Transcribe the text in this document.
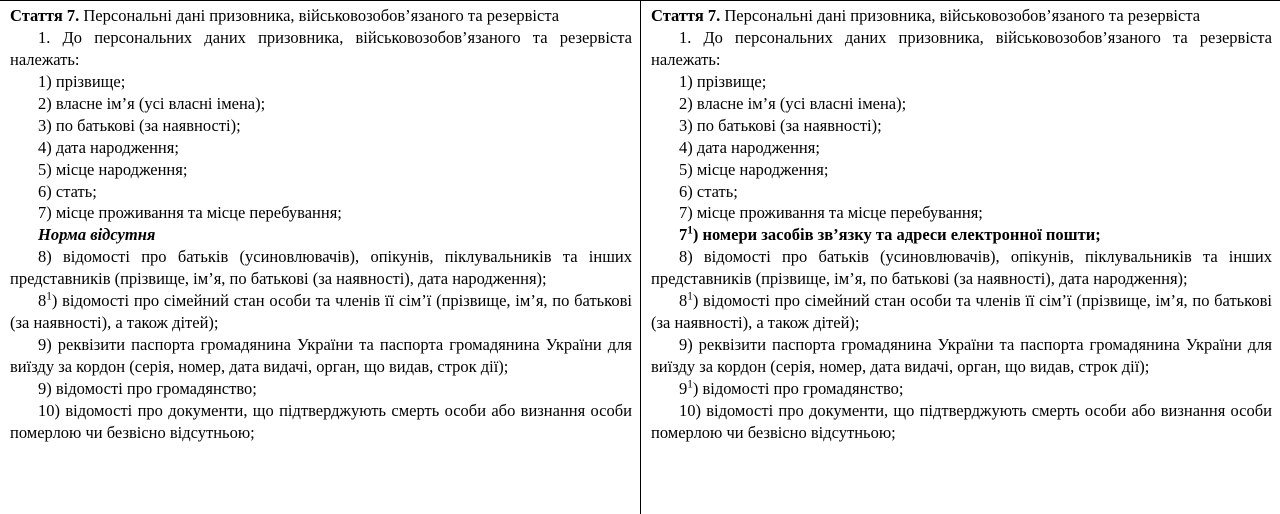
Стаття 7. Персональні дані призовника, військовозобов’язаного та резервіста

1. До персональних даних призовника, військовозобов’язаного та резервіста належать:

1) прізвище;

2) власне ім’я (усі власні імена);

3) по батькові (за наявності);

4) дата народження;

5) місце народження;

6) стать;

7) місце проживання та місце перебування;

Норма відсутня

8) відомості про батьків (усиновлювачів), опікунів, піклувальників та інших представників (прізвище, ім’я, по батькові (за наявності), дата народження);

$8^1$) відомості про сімейний стан особи та членів її сім’ї (прізвище, ім’я, по батькові (за наявності), а також дітей);

9) реквізити паспорта громадянина України та паспорта громадянина України для виїзду за кордон (серія, номер, дата видачі, орган, що видав, строк дії);

9) відомості про громадянство;

10) відомості про документи, що підтверджують смерть особи або визнання особи померлою чи безвісно відсутньою;

Стаття 7. Персональні дані призовника, військовозобов’язаного та резервіста

1. До персональних даних призовника, військовозобов’язаного та резервіста належать:

1) прізвище;

2) власне ім’я (усі власні імена);

3) по батькові (за наявності);

4) дата народження;

5) місце народження;

6) стать;

7) місце проживання та місце перебування;

$7^1$) номери засобів зв’язку та адреси електронної пошти;

8) відомості про батьків (усиновлювачів), опікунів, піклувальників та інших представників (прізвище, ім’я, по батькові (за наявності), дата народження);

$8^1$) відомості про сімейний стан особи та членів її сім’ї (прізвище, ім’я, по батькові (за наявності), а також дітей);

9) реквізити паспорта громадянина України та паспорта громадянина України для виїзду за кордон (серія, номер, дата видачі, орган, що видав, строк дії);

$9^1$) відомості про громадянство;

10) відомості про документи, що підтверджують смерть особи або визнання особи померлою чи безвісно відсутньою;
